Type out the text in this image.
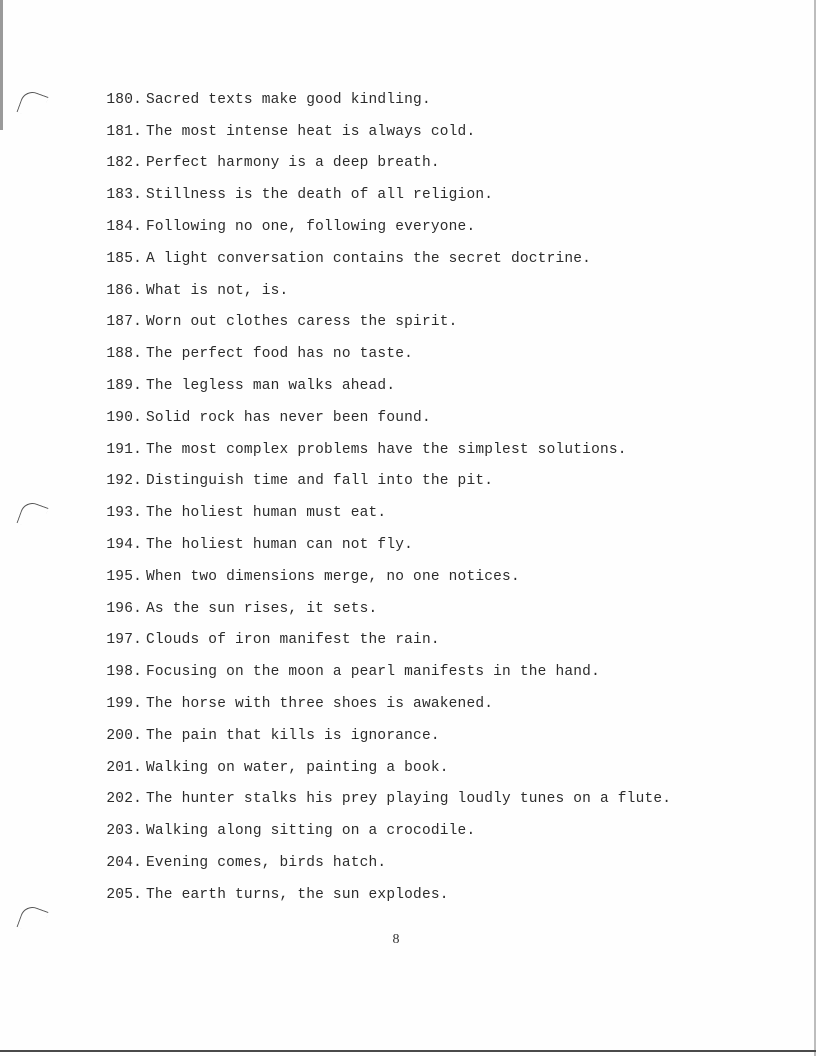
180. Sacred texts make good kindling.
181. The most intense heat is always cold.
182. Perfect harmony is a deep breath.
183. Stillness is the death of all religion.
184. Following no one, following everyone.
185. A light conversation contains the secret doctrine.
186. What is not, is.
187. Worn out clothes caress the spirit.
188. The perfect food has no taste.
189. The legless man walks ahead.
190. Solid rock has never been found.
191. The most complex problems have the simplest solutions.
192. Distinguish time and fall into the pit.
193. The holiest human must eat.
194. The holiest human can not fly.
195. When two dimensions merge, no one notices.
196. As the sun rises, it sets.
197. Clouds of iron manifest the rain.
198. Focusing on the moon a pearl manifests in the hand.
199. The horse with three shoes is awakened.
200. The pain that kills is ignorance.
201. Walking on water, painting a book.
202. The hunter stalks his prey playing loudly tunes on a flute.
203. Walking along sitting on a crocodile.
204. Evening comes, birds hatch.
205. The earth turns, the sun explodes.
8
